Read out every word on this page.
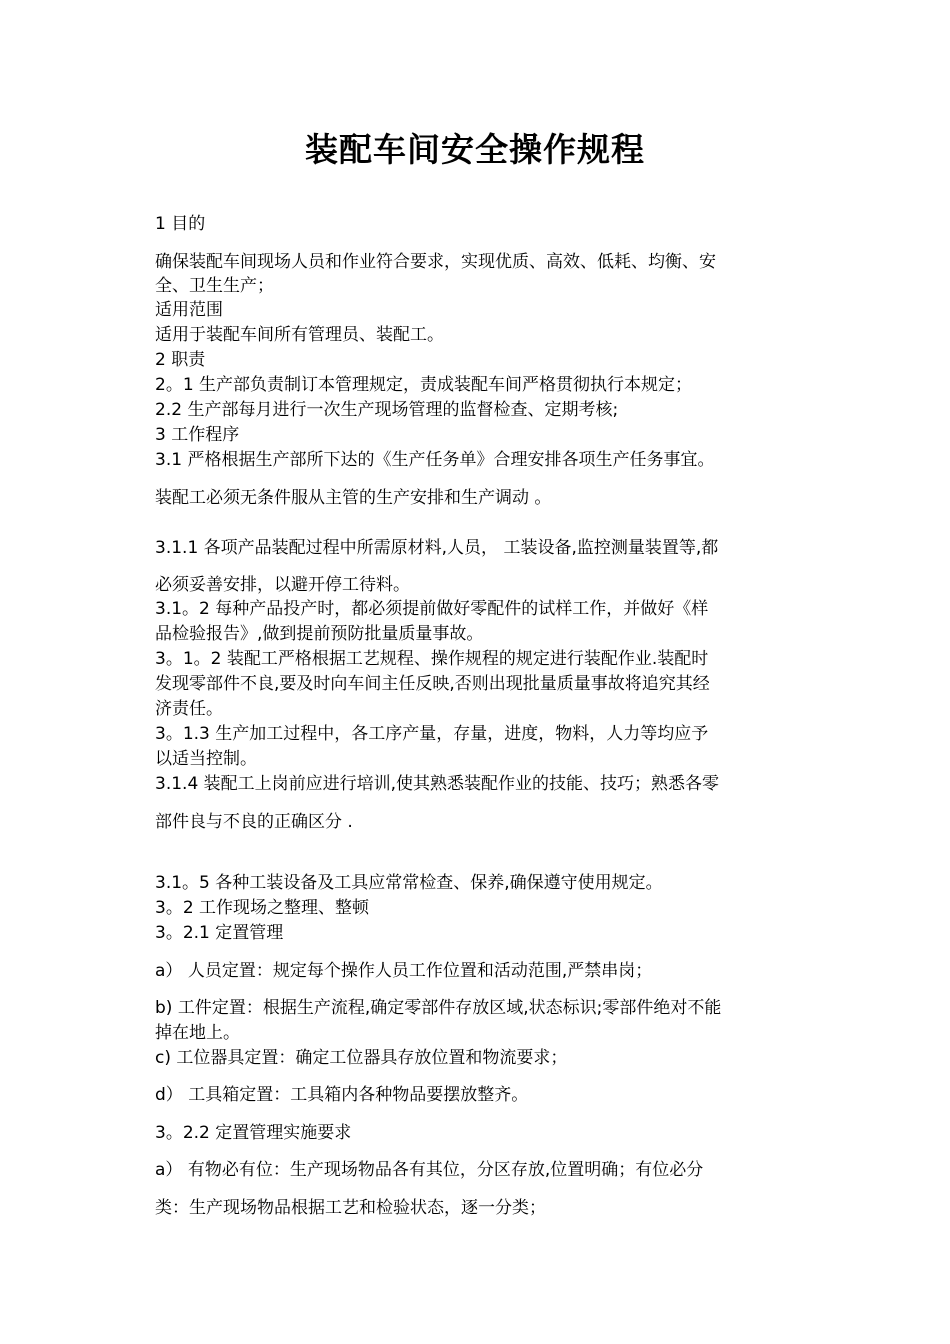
装配车间安全操作规程
1 目的
确保装配车间现场人员和作业符合要求，实现优质、高效、低耗、均衡、安
全、卫生生产；
适用范围
适用于装配车间所有管理员、装配工。
2 职责
2。1 生产部负责制订本管理规定，责成装配车间严格贯彻执行本规定；
2.2 生产部每月进行一次生产现场管理的监督检查、定期考核;
3 工作程序
3.1 严格根据生产部所下达的《生产任务单》合理安排各项生产任务事宜。
装配工必须无条件服从主管的生产安排和生产调动 。
3.1.1 各项产品装配过程中所需原材料,人员， 工装设备,监控测量装置等,都
必须妥善安排，以避开停工待料。
3.1。2 每种产品投产时，都必须提前做好零配件的试样工作，并做好《样
品检验报告》,做到提前预防批量质量事故。
3。1。2 装配工严格根据工艺规程、操作规程的规定进行装配作业.装配时
发现零部件不良,要及时向车间主任反映,否则出现批量质量事故将追究其经
济责任。
3。1.3 生产加工过程中，各工序产量，存量，进度，物料，人力等均应予
以适当控制。
3.1.4 装配工上岗前应进行培训,使其熟悉装配作业的技能、技巧；熟悉各零
部件良与不良的正确区分 .
3.1。5 各种工装设备及工具应常常检查、保养,确保遵守使用规定。
3。2 工作现场之整理、整顿
3。2.1 定置管理
a） 人员定置：规定每个操作人员工作位置和活动范围,严禁串岗；
b) 工件定置：根据生产流程,确定零部件存放区域,状态标识;零部件绝对不能
掉在地上。
c) 工位器具定置：确定工位器具存放位置和物流要求；
d） 工具箱定置：工具箱内各种物品要摆放整齐。
3。2.2 定置管理实施要求
a） 有物必有位：生产现场物品各有其位，分区存放,位置明确；有位必分
类：生产现场物品根据工艺和检验状态，逐一分类；
